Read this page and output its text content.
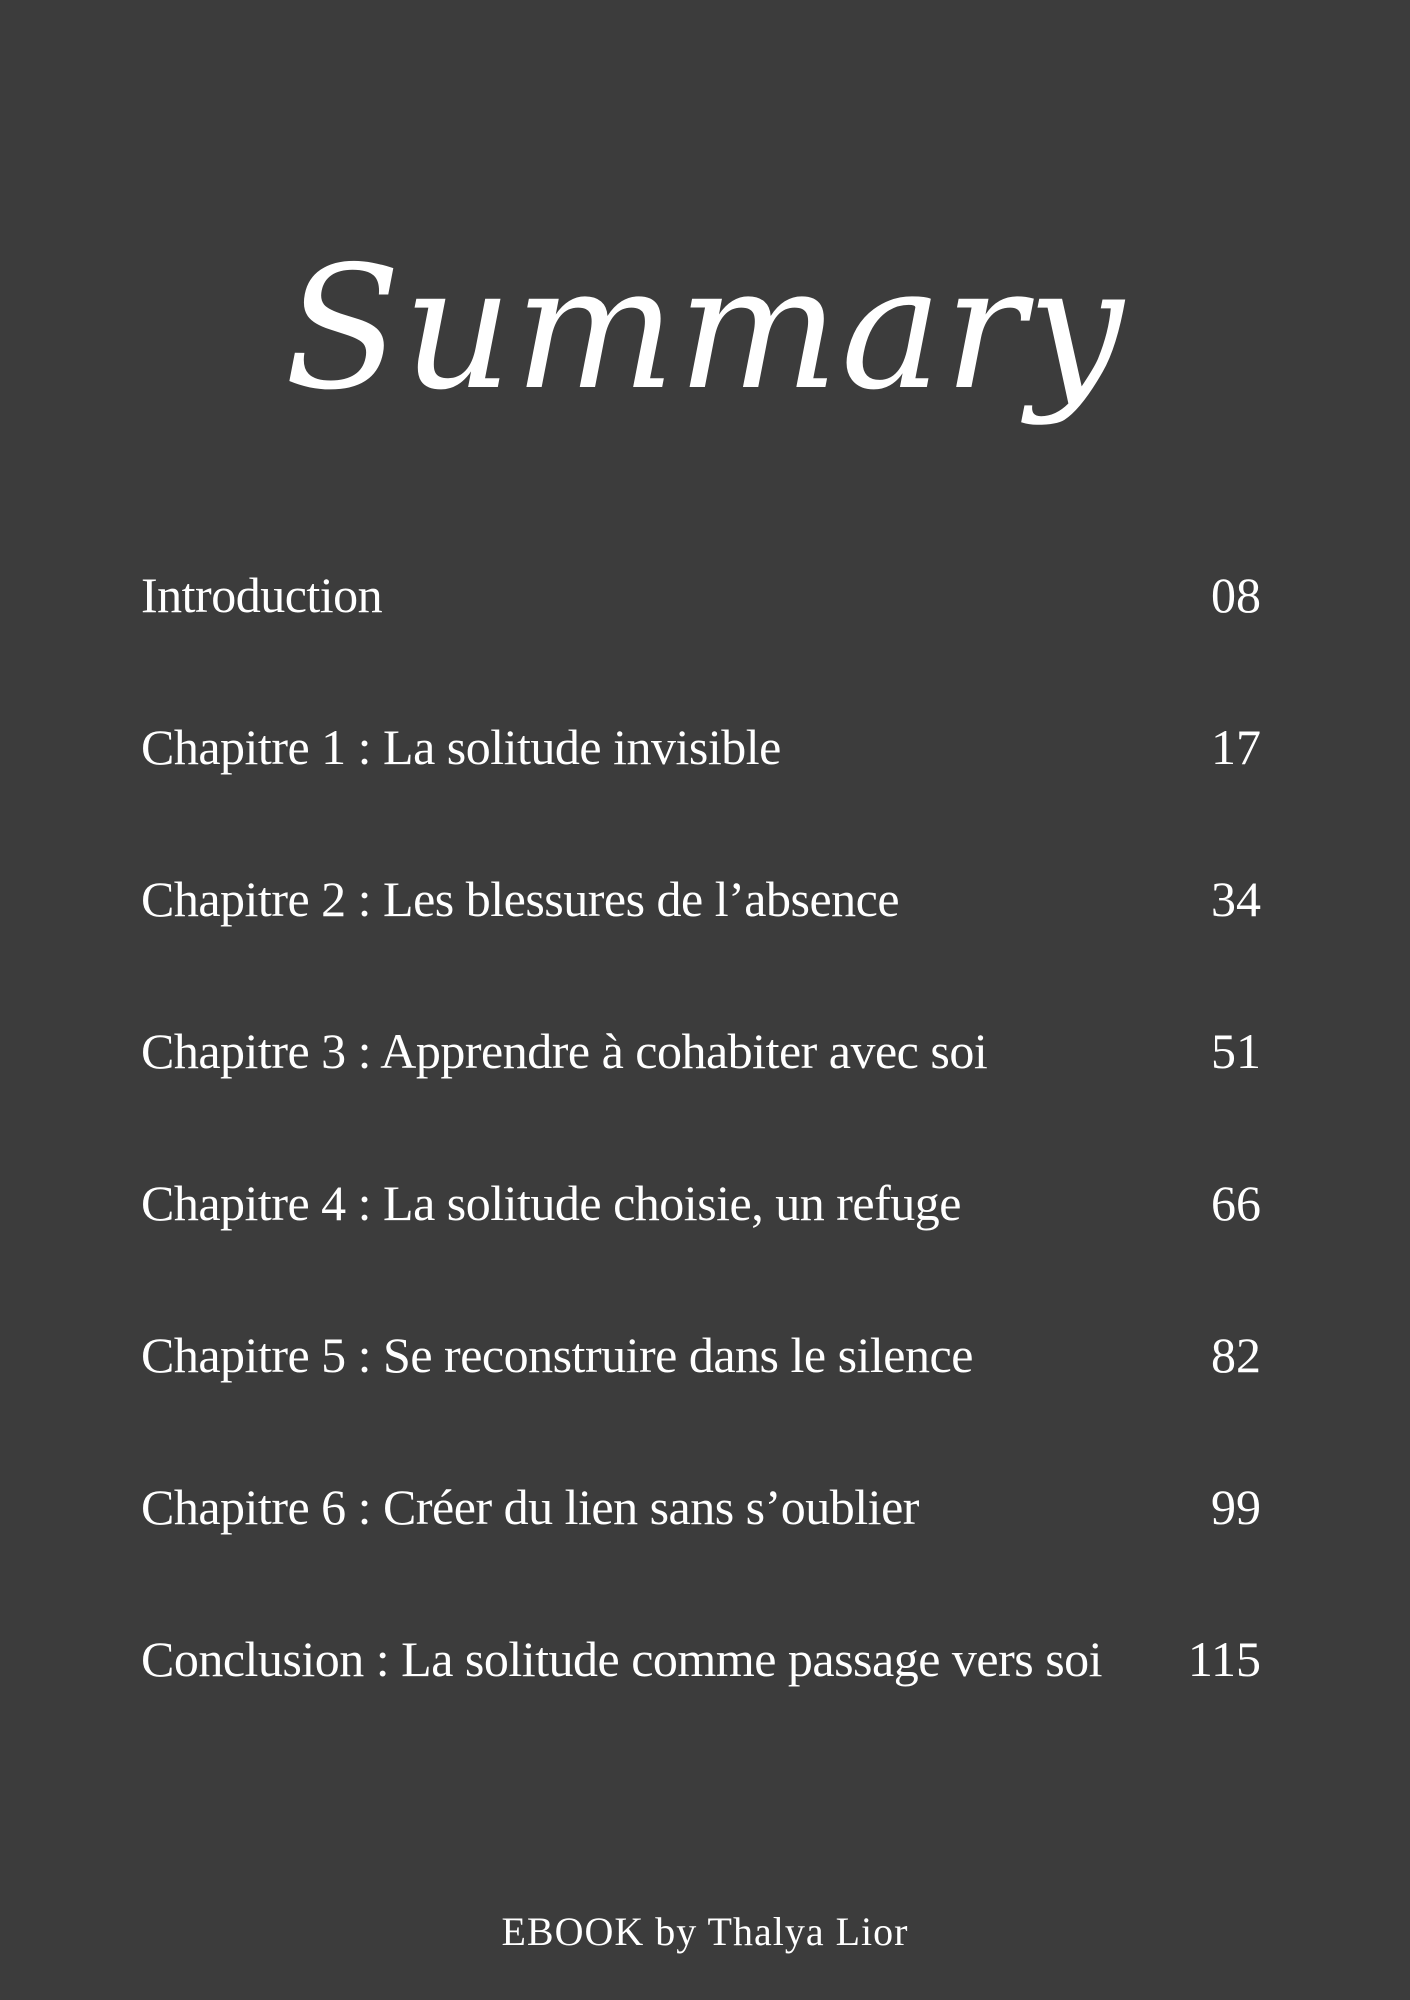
Summary
Introduction	08
Chapitre 1 : La solitude invisible	17
Chapitre 2 : Les blessures de l’absence	34
Chapitre 3 : Apprendre à cohabiter avec soi	51
Chapitre 4 : La solitude choisie, un refuge	66
Chapitre 5 : Se reconstruire dans le silence	82
Chapitre 6 : Créer du lien sans s’oublier	99
Conclusion : La solitude comme passage vers soi 115
EBOOK by Thalya Lior
